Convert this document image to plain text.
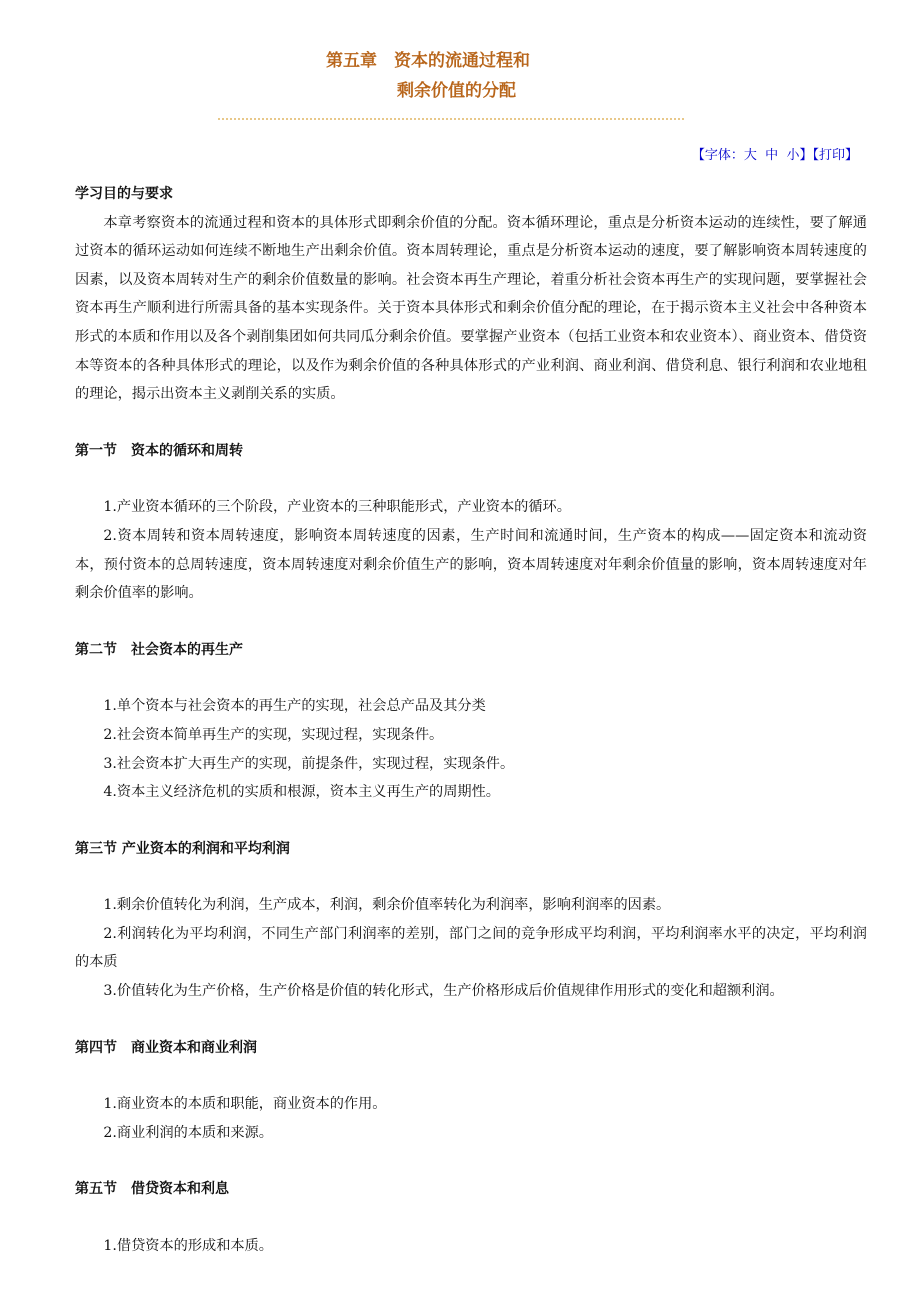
第五章　资本的流通过程和
剩余价值的分配
【字体：大 中 小】【打印】

学习目的与要求

本章考察资本的流通过程和资本的具体形式即剩余价值的分配。资本循环理论，重点是分析资本运动的连续性，要了解通过资本的循环运动如何连续不断地生产出剩余价值。资本周转理论，重点是分析资本运动的速度，要了解影响资本周转速度的因素，以及资本周转对生产的剩余价值数量的影响。社会资本再生产理论，着重分析社会资本再生产的实现问题，要掌握社会资本再生产顺利进行所需具备的基本实现条件。关于资本具体形式和剩余价值分配的理论，在于揭示资本主义社会中各种资本形式的本质和作用以及各个剥削集团如何共同瓜分剩余价值。要掌握产业资本（包括工业资本和农业资本）、商业资本、借贷资本等资本的各种具体形式的理论，以及作为剩余价值的各种具体形式的产业利润、商业利润、借贷利息、银行利润和农业地租的理论，揭示出资本主义剥削关系的实质。

第一节　资本的循环和周转

1.产业资本循环的三个阶段，产业资本的三种职能形式，产业资本的循环。

2.资本周转和资本周转速度，影响资本周转速度的因素，生产时间和流通时间，生产资本的构成——固定资本和流动资本，预付资本的总周转速度，资本周转速度对剩余价值生产的影响，资本周转速度对年剩余价值量的影响，资本周转速度对年剩余价值率的影响。

第二节　社会资本的再生产

1.单个资本与社会资本的再生产的实现，社会总产品及其分类

2.社会资本简单再生产的实现，实现过程，实现条件。

3.社会资本扩大再生产的实现，前提条件，实现过程，实现条件。

4.资本主义经济危机的实质和根源，资本主义再生产的周期性。

第三节 产业资本的利润和平均利润

1.剩余价值转化为利润，生产成本，利润，剩余价值率转化为利润率，影响利润率的因素。

2.利润转化为平均利润，不同生产部门利润率的差别，部门之间的竞争形成平均利润，平均利润率水平的决定，平均利润的本质

3.价值转化为生产价格，生产价格是价值的转化形式，生产价格形成后价值规律作用形式的变化和超额利润。

第四节　商业资本和商业利润

1.商业资本的本质和职能，商业资本的作用。

2.商业利润的本质和来源。

第五节　借贷资本和利息

1.借贷资本的形成和本质。
